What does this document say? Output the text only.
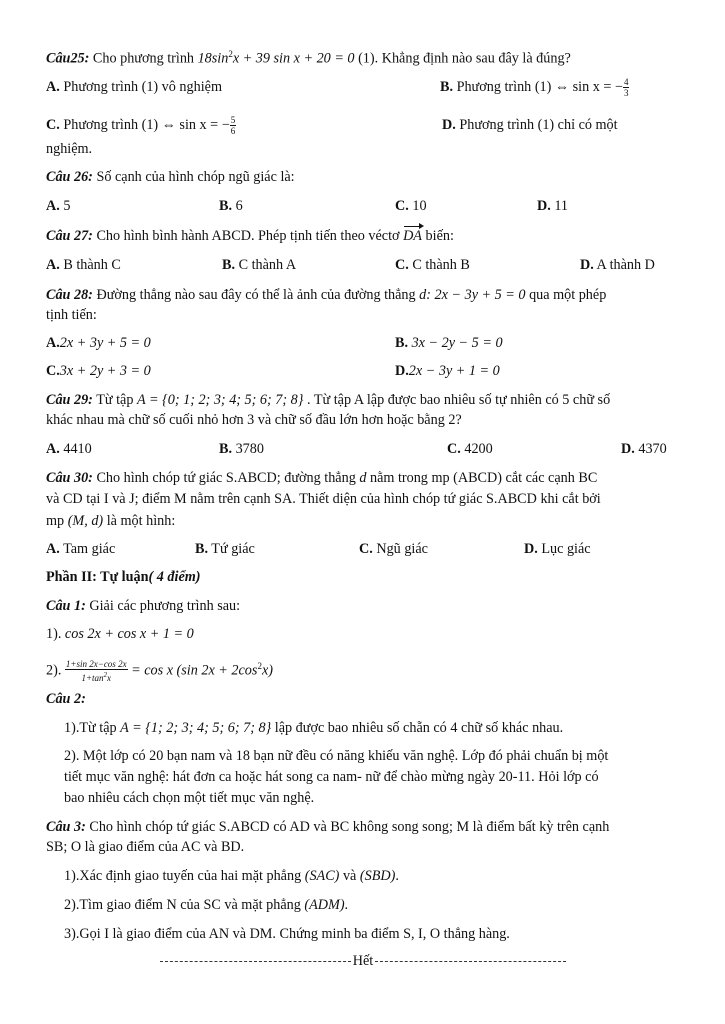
Câu25: Cho phương trình $18\sin^2x + 39$ sin x + 20 = 0 (1). Khẳng định nào sau đây là đúng?
A. Phương trình (1) vô nghiệm	B. Phương trình (1) ⇔ sin x = − $\frac{4}{3}$
C. Phương trình (1) ⇔ sin x = − $\frac{5}{6}$	D. Phương trình (1) chỉ có một
nghiệm.
Câu 26: Số cạnh của hình chóp ngũ giác là:
A. 5	B. 6	C. 10	D. 11
Câu 27: Cho hình bình hành ABCD. Phép tịnh tiến theo véctơ DA biến:
A. B thành C	B. C thành A	C. C thành B	D. A thành D
Câu 28: Đường thẳng nào sau đây có thể là ảnh của đường thẳng d: 2x − 3y + 5 = 0 qua một phép
tịnh tiến:
A.2x + 3y + 5 = 0	B. 3x − 2y − 5 = 0
C.3x + 2y + 3 = 0	D.2x − 3y + 1 = 0
Câu 29: Từ tập A = {0; 1; 2; 3; 4; 5; 6; 7; 8} . Từ tập A lập được bao nhiêu số tự nhiên có 5 chữ số
khác nhau mà chữ số cuối nhỏ hơn 3 và chữ số đầu lớn hơn hoặc bằng 2?
A. 4410	B. 3780	C. 4200	D. 4370
Câu 30: Cho hình chóp tứ giác S.ABCD; đường thẳng d nằm trong mp (ABCD) cắt các cạnh BC
và CD tại I và J; điểm M nằm trên cạnh SA. Thiết diện của hình chóp tứ giác S.ABCD khi cắt bởi
mp (M, d) là một hình:
A. Tam giác	B. Tứ giác	C. Ngũ giác	D. Lục giác
Phần II: Tự luận( 4 điểm)
Câu 1: Giải các phương trình sau:
1). cos 2x + cos x + 1 = 0
2). $\frac{1+\sin 2x-\cos 2x}{1+\tan^2x} = \cos x$ (sin $2x + 2\cos^2x$)
Câu 2:
1).Từ tập A = {1; 2; 3; 4; 5; 6; 7; 8} lập được bao nhiêu số chẵn có 4 chữ số khác nhau.
2). Một lớp có 20 bạn nam và 18 bạn nữ đều có năng khiếu văn nghệ. Lớp đó phải chuẩn bị một
tiết mục văn nghệ: hát đơn ca hoặc hát song ca nam- nữ để chào mừng ngày 20-11. Hỏi lớp có
bao nhiêu cách chọn một tiết mục văn nghệ.
Câu 3: Cho hình chóp tứ giác S.ABCD có AD và BC không song song; M là điểm bất kỳ trên cạnh
SB; O là giao điểm của AC và BD.
1).Xác định giao tuyến của hai mặt phẳng (SAC) và (SBD).
2).Tìm giao điểm N của SC và mặt phẳng (ADM).
3).Gọi I là giao điểm của AN và DM. Chứng minh ba điểm S, I, O thẳng hàng.
Hết
